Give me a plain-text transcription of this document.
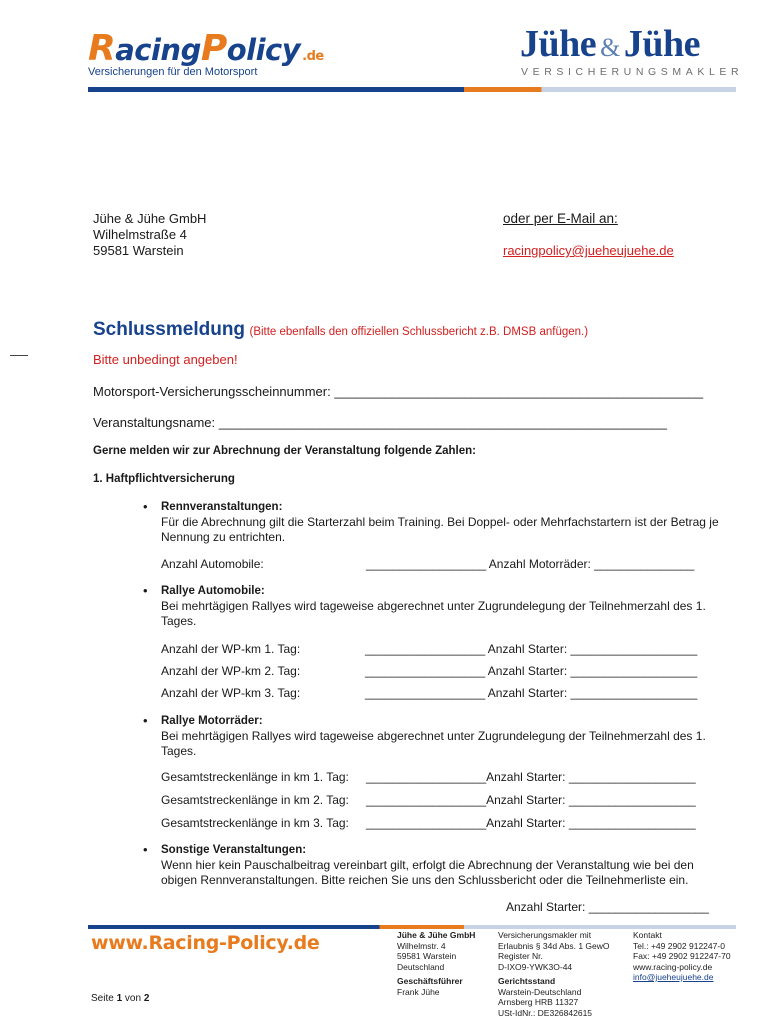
RacingPolicy .de
Versicherungen für den Motorsport
Jühe & Jühe
VERSICHERUNGSMAKLER
Jühe & Jühe GmbH
Wilhelmstraße 4
59581 Warstein
oder per E-Mail an:
racingpolicy@jueheujuehe.de
Schlussmeldung (Bitte ebenfalls den offiziellen Schlussbericht z.B. DMSB anfügen.)
Bitte unbedingt angeben!
Motorsport-Versicherungsscheinnummer: ___________________________________________________
Veranstaltungsname: ______________________________________________________________
Gerne melden wir zur Abrechnung der Veranstaltung folgende Zahlen:
1. Haftpflichtversicherung
• Rennveranstaltungen:
Für die Abrechnung gilt die Starterzahl beim Training. Bei Doppel- oder Mehrfachstartern ist der Betrag je Nennung zu entrichten.
Anzahl Automobile:	__________________ Anzahl Motorräder: _______________
• Rallye Automobile:
Bei mehrtägigen Rallyes wird tageweise abgerechnet unter Zugrundelegung der Teilnehmerzahl des 1. Tages.
Anzahl der WP-km 1. Tag:	__________________ Anzahl Starter: ___________________
Anzahl der WP-km 2. Tag:	__________________ Anzahl Starter: ___________________
Anzahl der WP-km 3. Tag:	__________________ Anzahl Starter: ___________________
• Rallye Motorräder:
Bei mehrtägigen Rallyes wird tageweise abgerechnet unter Zugrundelegung der Teilnehmerzahl des 1. Tages.
Gesamtstreckenlänge in km 1. Tag: __________________Anzahl Starter: ___________________
Gesamtstreckenlänge in km 2. Tag: __________________Anzahl Starter: ___________________
Gesamtstreckenlänge in km 3. Tag: __________________Anzahl Starter: ___________________
• Sonstige Veranstaltungen:
Wenn hier kein Pauschalbeitrag vereinbart gilt, erfolgt die Abrechnung der Veranstaltung wie bei den obigen Rennveranstaltungen. Bitte reichen Sie uns den Schlussbericht oder die Teilnehmerliste ein.
Anzahl Starter: __________________
www.Racing-Policy.de
Seite 1 von 2
Jühe & Jühe GmbH
Wilhelmstr. 4
59581 Warstein
Deutschland
Geschäftsführer
Frank Jühe
Versicherungsmakler mit
Erlaubnis § 34d Abs. 1 GewO
Register Nr.
D-IXO9-YWK3O-44
Gerichtsstand
Warstein-Deutschland
Arnsberg HRB 11327
USt-IdNr.: DE326842615
Kontakt
Tel.: +49 2902 912247-0
Fax: +49 2902 912247-70
www.racing-policy.de
info@jueheujuehe.de
